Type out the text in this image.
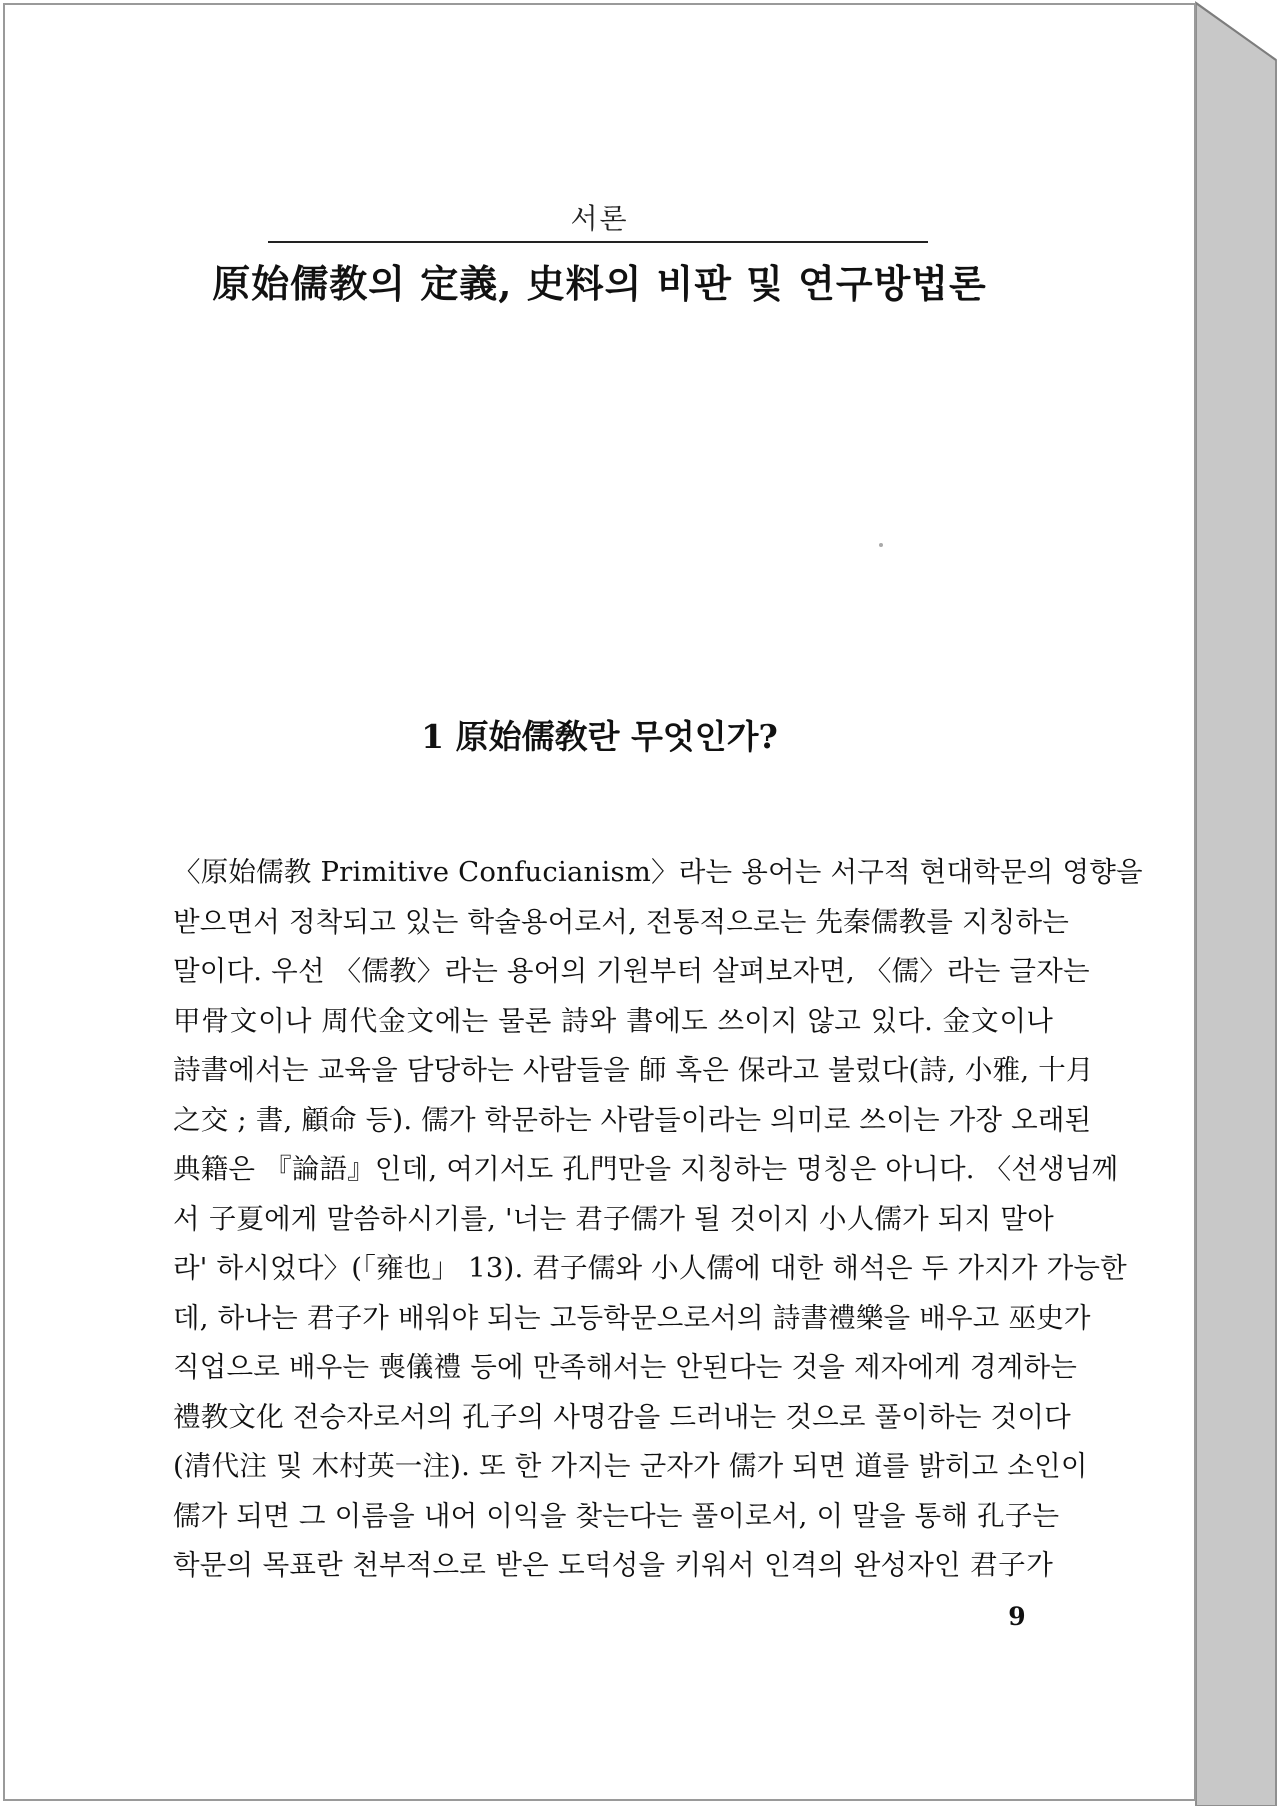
서론
原始儒教의 定義, 史料의 비판 및 연구방법론
1 原始儒敎란 무엇인가?
〈原始儒教 Primitive Confucianism〉라는 용어는 서구적 현대학문의 영향을
받으면서 정착되고 있는 학술용어로서, 전통적으로는 先秦儒教를 지칭하는
말이다. 우선 〈儒教〉라는 용어의 기원부터 살펴보자면, 〈儒〉라는 글자는
甲骨文이나 周代金文에는 물론 詩와 書에도 쓰이지 않고 있다. 金文이나
詩書에서는 교육을 담당하는 사람들을 師 혹은 保라고 불렀다(詩, 小雅, 十月
之交 ; 書, 顧命 등). 儒가 학문하는 사람들이라는 의미로 쓰이는 가장 오래된
典籍은 『論語』인데, 여기서도 孔門만을 지칭하는 명칭은 아니다. 〈선생님께
서 子夏에게 말씀하시기를, '너는 君子儒가 될 것이지 小人儒가 되지 말아
라' 하시었다〉(「雍也」 13). 君子儒와 小人儒에 대한 해석은 두 가지가 가능한
데, 하나는 君子가 배워야 되는 고등학문으로서의 詩書禮樂을 배우고 巫史가
직업으로 배우는 喪儀禮 등에 만족해서는 안된다는 것을 제자에게 경계하는
禮教文化 전승자로서의 孔子의 사명감을 드러내는 것으로 풀이하는 것이다
(清代注 및 木村英一注). 또 한 가지는 군자가 儒가 되면 道를 밝히고 소인이
儒가 되면 그 이름을 내어 이익을 찾는다는 풀이로서, 이 말을 통해 孔子는
학문의 목표란 천부적으로 받은 도덕성을 키워서 인격의 완성자인 君子가
9
